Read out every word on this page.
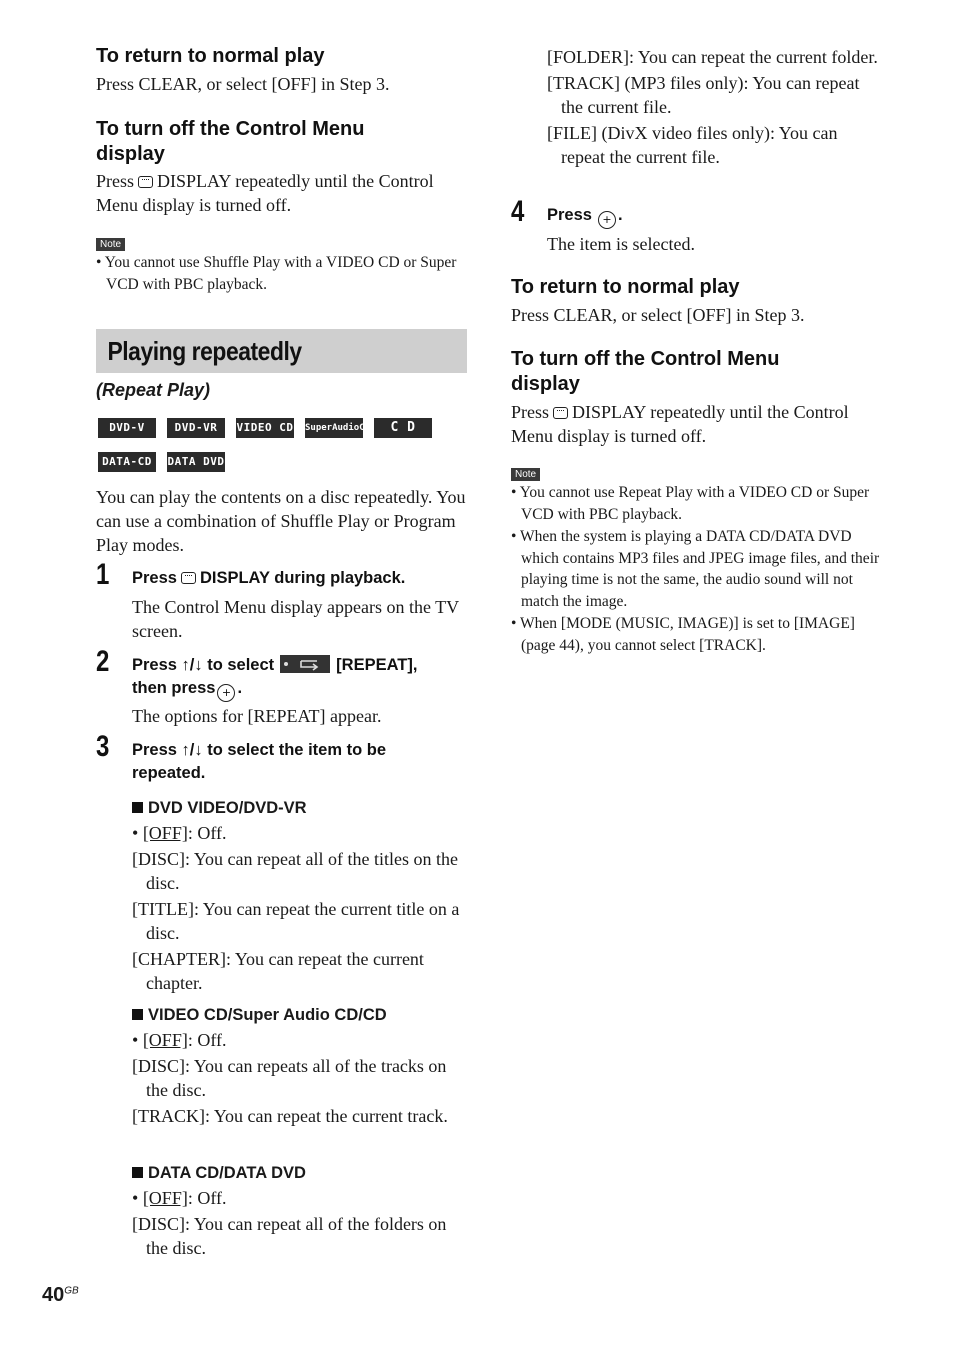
To return to normal play
Press CLEAR, or select [OFF] in Step 3.
To turn off the Control Menu display
Press DISPLAY repeatedly until the Control Menu display is turned off.
Note
• You cannot use Shuffle Play with a VIDEO CD or Super VCD with PBC playback.
Playing repeatedly
(Repeat Play)
DVD-V	DVD-VR	VIDEO CD SuperAudioCD	C D
DATA-CD	DATA DVD
You can play the contents on a disc repeatedly. You can use a combination of Shuffle Play or Program Play modes.
1 Press DISPLAY during playback.
The Control Menu display appears on the TV screen.
2 Press ↑/↓ to select	[REPEAT],
then press + .
The options for [REPEAT] appear.
3 Press ↑/↓ to select the item to be repeated.
DVD VIDEO/DVD-VR
• [OFF]: Off.
[DISC]: You can repeat all of the titles on the disc.
[TITLE]: You can repeat the current title on a disc.
[CHAPTER]: You can repeat the current chapter.
VIDEO CD/Super Audio CD/CD
• [OFF]: Off.
[DISC]: You can repeats all of the tracks on the disc.
[TRACK]: You can repeat the current track.
DATA CD/DATA DVD
• [OFF]: Off.
[DISC]: You can repeat all of the folders on the disc.
$40^{GB}$
[FOLDER]: You can repeat the current folder.
[TRACK] (MP3 files only): You can repeat the current file.
[FILE] (DivX video files only): You can repeat the current file.
4 Press + .
The item is selected.
To return to normal play
Press CLEAR, or select [OFF] in Step 3.
To turn off the Control Menu display
Press DISPLAY repeatedly until the Control Menu display is turned off.
Note
• You cannot use Repeat Play with a VIDEO CD or Super VCD with PBC playback.
• When the system is playing a DATA CD/DATA DVD which contains MP3 files and JPEG image files, and their playing time is not the same, the audio sound will not match the image.
• When [MODE (MUSIC, IMAGE)] is set to [IMAGE] (page 44), you cannot select [TRACK].
